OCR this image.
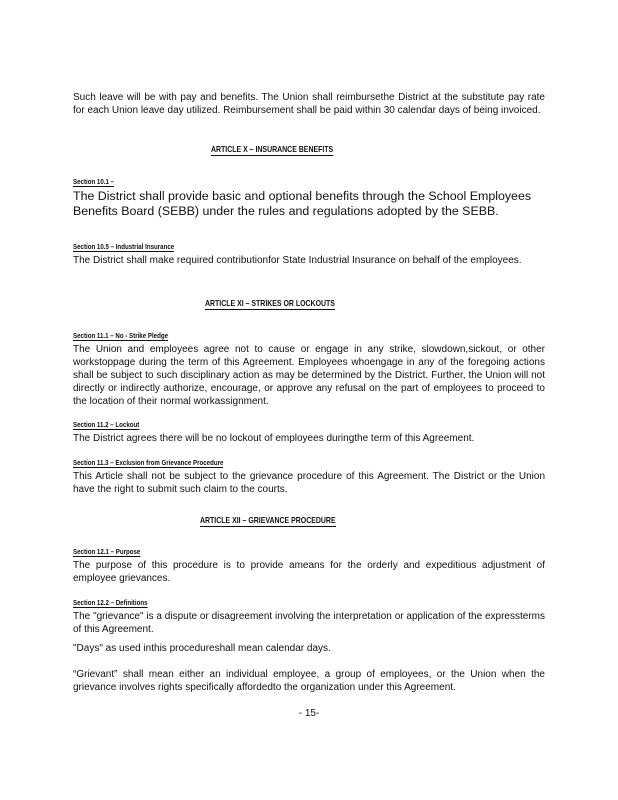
Such leave will be with pay and benefits. The Union shall reimbursethe District at the substitute pay rate for each Union leave day utilized. Reimbursement shall be paid within 30 calendar days of being invoiced.

ARTICLE X – INSURANCE BENEFITS
Section 10.1 –

The District shall provide basic and optional benefits through the School Employees Benefits Board (SEBB) under the rules and regulations adopted by the SEBB.

Section 10.5 – Industrial Insurance

The District shall make required contributionfor State Industrial Insurance on behalf of the employees.

ARTICLE XI – STRIKES OR LOCKOUTS
Section 11.1 – No - Strike Pledge

The Union and employees agree not to cause or engage in any strike, slowdown,sickout, or other workstoppage during the term of this Agreement. Employees whoengage in any of the foregoing actions shall be subject to such disciplinary action as may be determined by the District. Further, the Union will not directly or indirectly authorize, encourage, or approve any refusal on the part of employees to proceed to the location of their normal workassignment.

Section 11.2 – Lockout

The District agrees there will be no lockout of employees duringthe term of this Agreement.

Section 11.3 – Exclusion from Grievance Procedure

This Article shall not be subject to the grievance procedure of this Agreement. The District or the Union have the right to submit such claim to the courts.

ARTICLE XII – GRIEVANCE PROCEDURE
Section 12.1 – Purpose

The purpose of this procedure is to provide ameans for the orderly and expeditious adjustment of employee grievances.

Section 12.2 – Definitions

The "grievance" is a dispute or disagreement involving the interpretation or application of the expressterms of this Agreement.

"Days" as used inthis procedureshall mean calendar days.

“Grievant” shall mean either an individual employee, a group of employees, or the Union when the grievance involves rights specifically affordedto the organization under this Agreement.

- 15-
